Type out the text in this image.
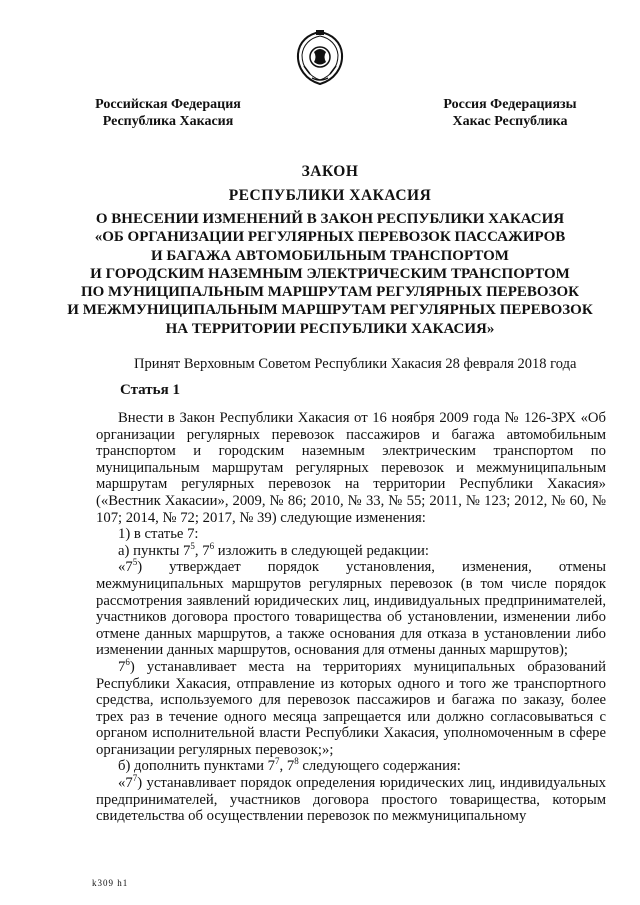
Российская Федерация
Республика Хакасия
Россия Федерациязы
Хакас Республика
ЗАКОН
РЕСПУБЛИКИ ХАКАСИЯ
О ВНЕСЕНИИ ИЗМЕНЕНИЙ В ЗАКОН РЕСПУБЛИКИ ХАКАСИЯ
«ОБ ОРГАНИЗАЦИИ РЕГУЛЯРНЫХ ПЕРЕВОЗОК ПАССАЖИРОВ
И БАГАЖА АВТОМОБИЛЬНЫМ ТРАНСПОРТОМ
И ГОРОДСКИМ НАЗЕМНЫМ ЭЛЕКТРИЧЕСКИМ ТРАНСПОРТОМ
ПО МУНИЦИПАЛЬНЫМ МАРШРУТАМ РЕГУЛЯРНЫХ ПЕРЕВОЗОК
И МЕЖМУНИЦИПАЛЬНЫМ МАРШРУТАМ РЕГУЛЯРНЫХ ПЕРЕВОЗОК
НА ТЕРРИТОРИИ РЕСПУБЛИКИ ХАКАСИЯ»
Принят Верховным Советом Республики Хакасия 28 февраля 2018 года
Статья 1

Внести в Закон Республики Хакасия от 16 ноября 2009 года № 126-ЗРХ «Об организации регулярных перевозок пассажиров и багажа автомобильным транспортом и городским наземным электрическим транспортом по муниципальным маршрутам регулярных перевозок и межмуниципальным маршрутам регулярных перевозок на территории Республики Хакасия» («Вестник Хакасии», 2009, № 86; 2010, № 33, № 55; 2011, № 123; 2012, № 60, № 107; 2014, № 72; 2017, № 39) следующие изменения:

1) в статье 7:

а) пункты $7^5$, $7^6$ изложить в следующей редакции:

«$7^5$) утверждает порядок установления, изменения, отмены межмуниципальных маршрутов регулярных перевозок (в том числе порядок рассмотрения заявлений юридических лиц, индивидуальных предпринимателей, участников договора простого товарищества об установлении, изменении либо отмене данных маршрутов, а также основания для отказа в установлении либо изменении данных маршрутов, основания для отмены данных маршрутов);

$7^6$) устанавливает места на территориях муниципальных образований Республики Хакасия, отправление из которых одного и того же транспортного средства, используемого для перевозок пассажиров и багажа по заказу, более трех раз в течение одного месяца запрещается или должно согласовываться с органом исполнительной власти Республики Хакасия, уполномоченным в сфере организации регулярных перевозок;»;

б) дополнить пунктами $7^7$, $7^8$ следующего содержания:

«$7^7$) устанавливает порядок определения юридических лиц, индивидуальных предпринимателей, участников договора простого товарищества, которым свидетельства об осуществлении перевозок по межмуниципальному

k309 h1
